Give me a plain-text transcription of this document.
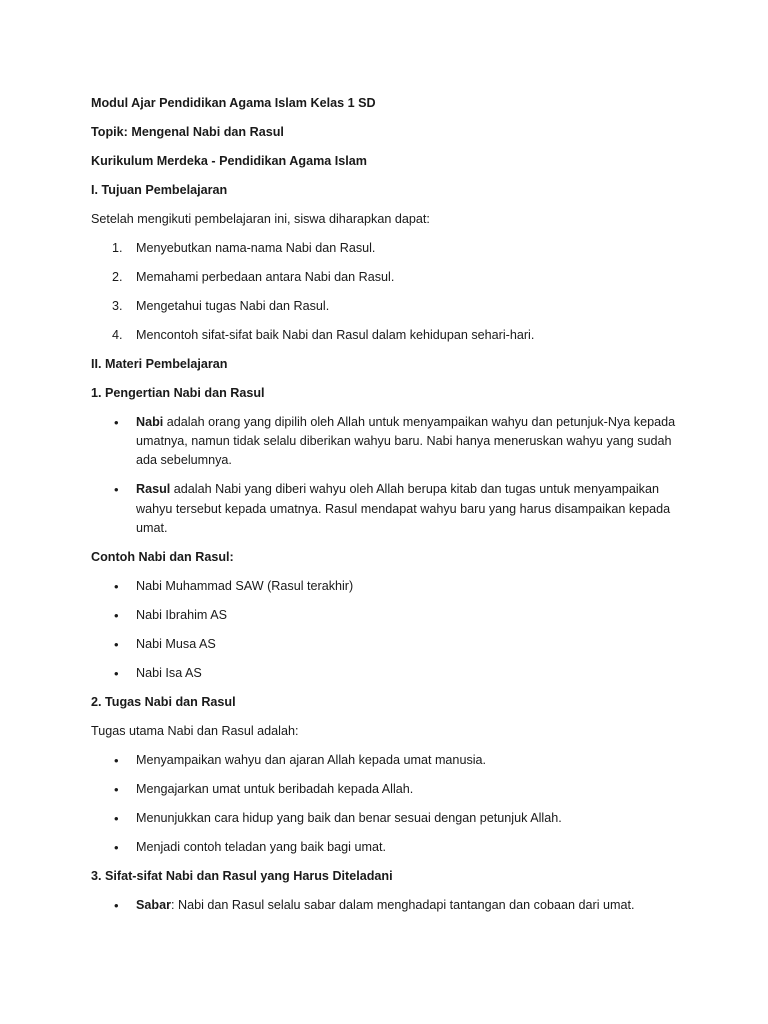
Modul Ajar Pendidikan Agama Islam Kelas 1 SD

Topik: Mengenal Nabi dan Rasul

Kurikulum Merdeka - Pendidikan Agama Islam

I. Tujuan Pembelajaran

Setelah mengikuti pembelajaran ini, siswa diharapkan dapat:

1. Menyebutkan nama-nama Nabi dan Rasul.
2. Memahami perbedaan antara Nabi dan Rasul.
3. Mengetahui tugas Nabi dan Rasul.
4. Mencontoh sifat-sifat baik Nabi dan Rasul dalam kehidupan sehari-hari.

II. Materi Pembelajaran

1. Pengertian Nabi dan Rasul

• Nabi adalah orang yang dipilih oleh Allah untuk menyampaikan wahyu dan petunjuk-Nya kepada umatnya, namun tidak selalu diberikan wahyu baru. Nabi hanya meneruskan wahyu yang sudah ada sebelumnya.
• Rasul adalah Nabi yang diberi wahyu oleh Allah berupa kitab dan tugas untuk menyampaikan wahyu tersebut kepada umatnya. Rasul mendapat wahyu baru yang harus disampaikan kepada umat.

Contoh Nabi dan Rasul:

• Nabi Muhammad SAW (Rasul terakhir)
• Nabi Ibrahim AS
• Nabi Musa AS
• Nabi Isa AS

2. Tugas Nabi dan Rasul

Tugas utama Nabi dan Rasul adalah:

• Menyampaikan wahyu dan ajaran Allah kepada umat manusia.
• Mengajarkan umat untuk beribadah kepada Allah.
• Menunjukkan cara hidup yang baik dan benar sesuai dengan petunjuk Allah.
• Menjadi contoh teladan yang baik bagi umat.

3. Sifat-sifat Nabi dan Rasul yang Harus Diteladani

• Sabar: Nabi dan Rasul selalu sabar dalam menghadapi tantangan dan cobaan dari umat.
